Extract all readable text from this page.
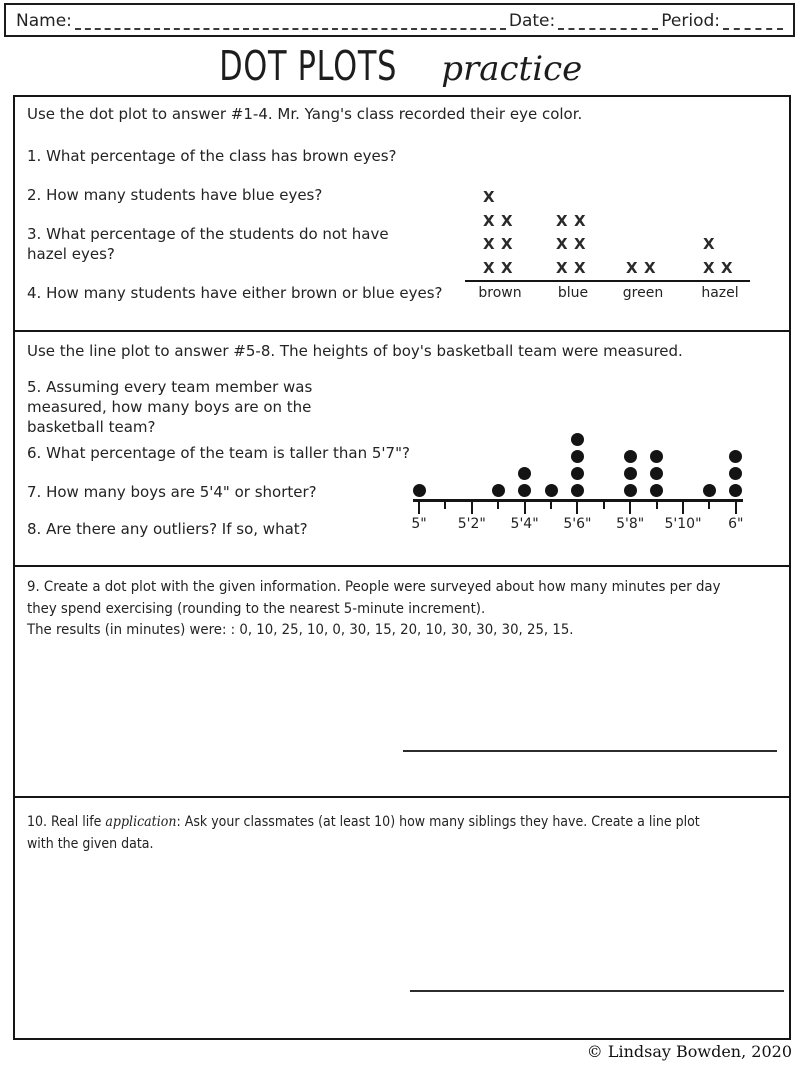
Name:	Date:	Period:
DOT PLOTS practice
Use the dot plot to answer #1-4. Mr. Yang's class recorded their eye color.
1. What percentage of the class has brown eyes?
2. How many students have blue eyes?
3. What percentage of the students do not have hazel eyes?
4. How many students have either brown or blue eyes?
X
X X
X X
X X
brown
X X
X X
X X
blue
X X
green
X
X X
hazel
Use the line plot to answer #5-8. The heights of boy's basketball team were measured.
5. Assuming every team member was measured, how many boys are on the basketball team?
6. What percentage of the team is taller than 5'7"?
7. How many boys are 5'4" or shorter?
8. Are there any outliers? If so, what?	5" 5'2" 5'4" 5'6" 5'8" 5'10" 6"
9. Create a dot plot with the given information. People were surveyed about how many minutes per day
they spend exercising (rounding to the nearest 5-minute increment).
The results (in minutes) were: : 0, 10, 25, 10, 0, 30, 15, 20, 10, 30, 30, 30, 25, 15.
10. Real life application: Ask your classmates (at least 10) how many siblings they have. Create a line plot
with the given data.
© Lindsay Bowden, 2020
